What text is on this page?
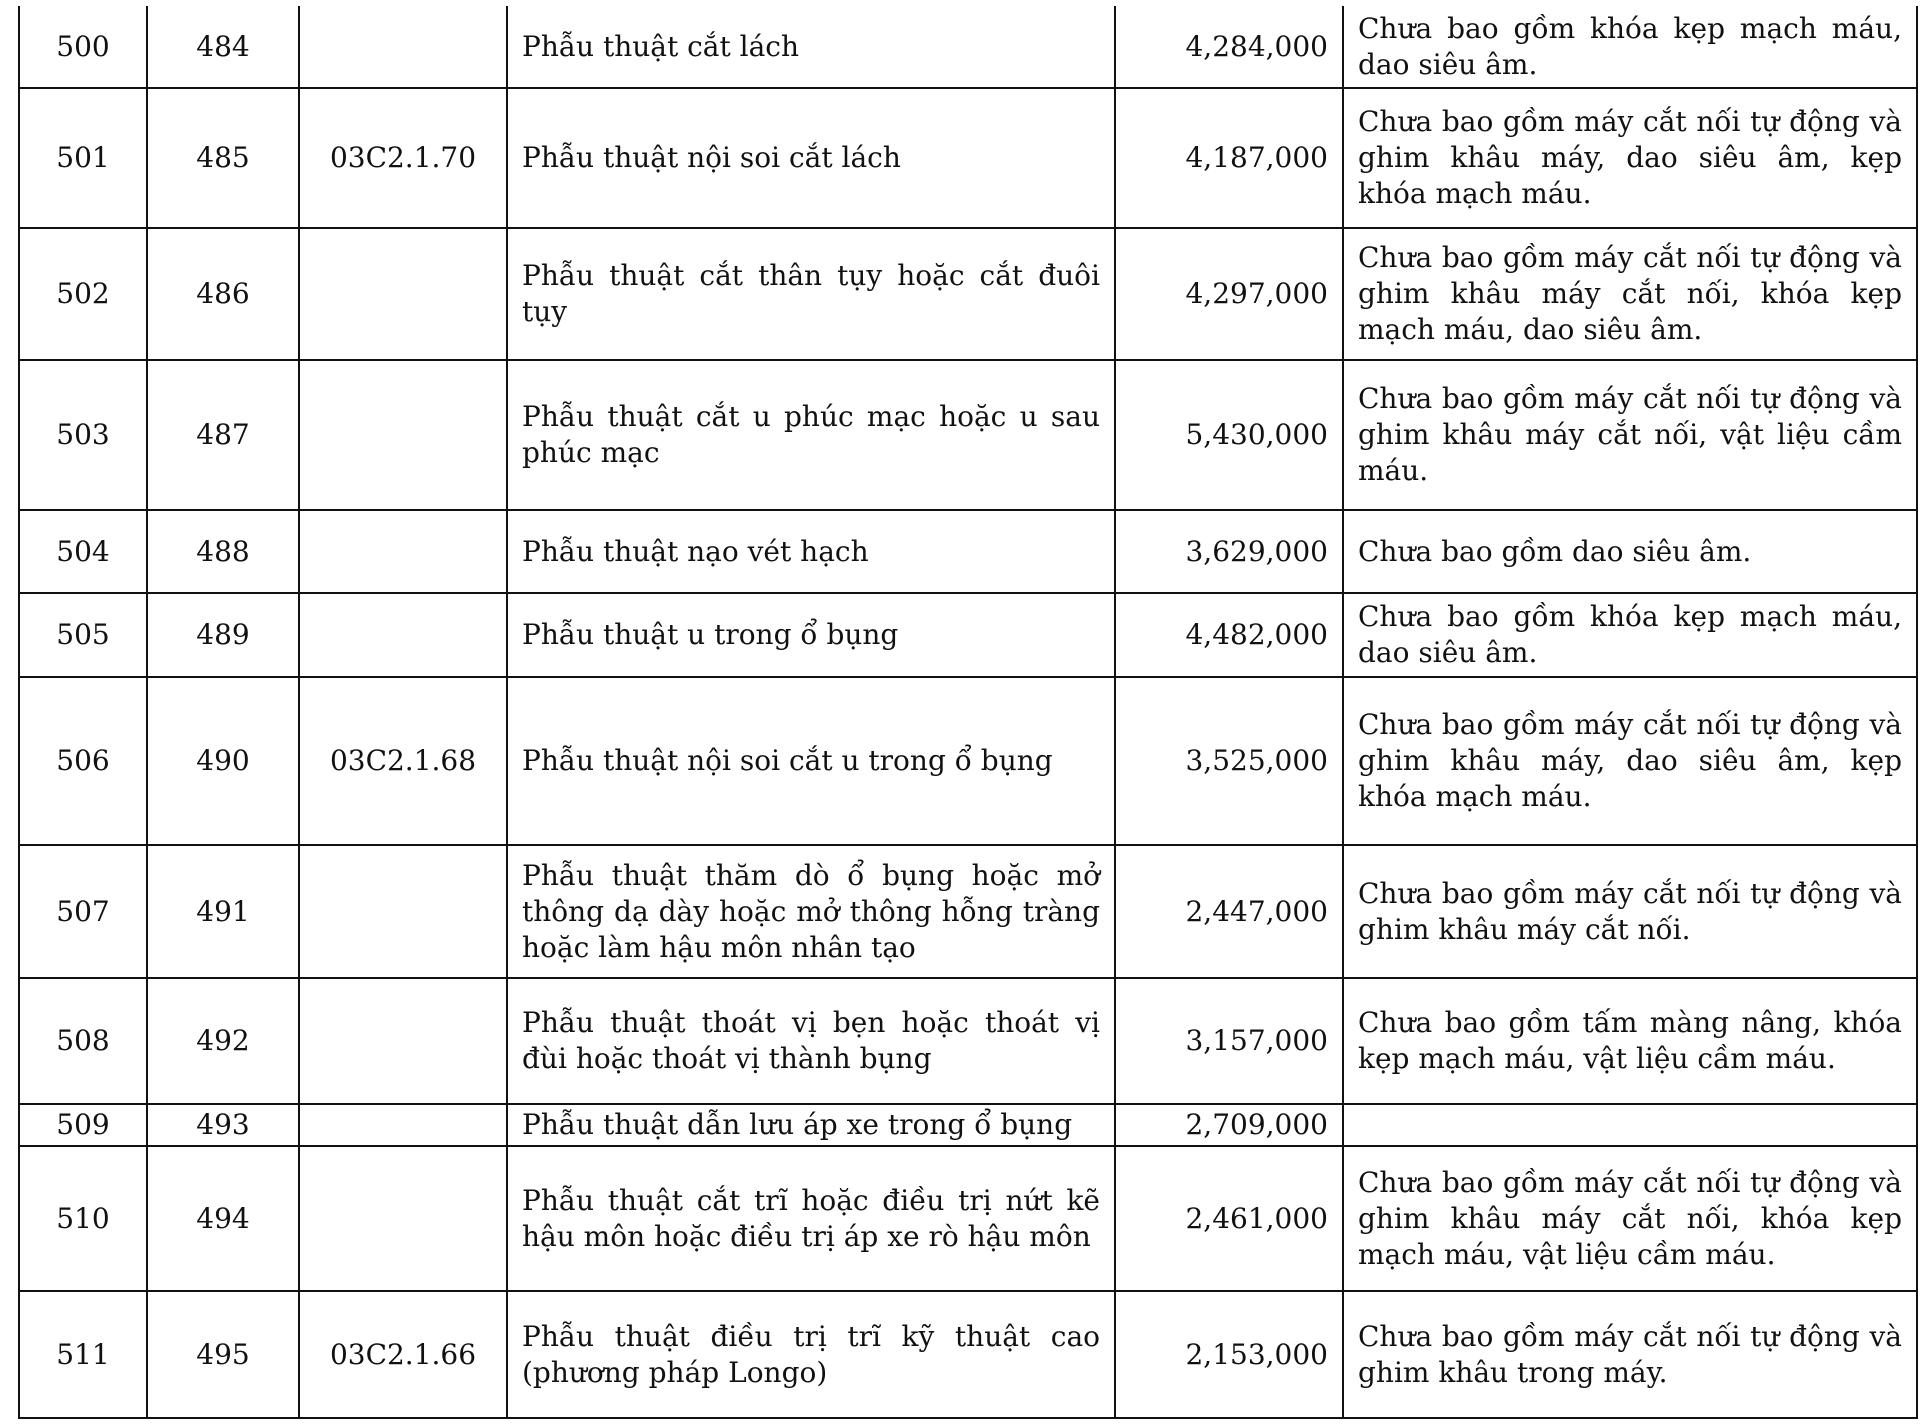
500	484		Phẫu thuật cắt lách	4,284,000	Chưa bao gồm khóa kẹp mạch máu, dao siêu âm.
501	485	03C2.1.70	Phẫu thuật nội soi cắt lách	4,187,000	Chưa bao gồm máy cắt nối tự động và ghim khâu máy, dao siêu âm, kẹp khóa mạch máu.
502	486		Phẫu thuật cắt thân tụy hoặc cắt đuôi tụy	4,297,000	Chưa bao gồm máy cắt nối tự động và ghim khâu máy cắt nối, khóa kẹp mạch máu, dao siêu âm.
503	487		Phẫu thuật cắt u phúc mạc hoặc u sau phúc mạc	5,430,000	Chưa bao gồm máy cắt nối tự động và ghim khâu máy cắt nối, vật liệu cầm máu.
504	488		Phẫu thuật nạo vét hạch	3,629,000	Chưa bao gồm dao siêu âm.
505	489		Phẫu thuật u trong ổ bụng	4,482,000	Chưa bao gồm khóa kẹp mạch máu, dao siêu âm.
506	490	03C2.1.68	Phẫu thuật nội soi cắt u trong ổ bụng	3,525,000	Chưa bao gồm máy cắt nối tự động và ghim khâu máy, dao siêu âm, kẹp khóa mạch máu.
507	491		Phẫu thuật thăm dò ổ bụng hoặc mở thông dạ dày hoặc mở thông hỗng tràng hoặc làm hậu môn nhân tạo	2,447,000	Chưa bao gồm máy cắt nối tự động và ghim khâu máy cắt nối.
508	492		Phẫu thuật thoát vị bẹn hoặc thoát vị đùi hoặc thoát vị thành bụng	3,157,000	Chưa bao gồm tấm màng nâng, khóa kẹp mạch máu, vật liệu cầm máu.
509	493		Phẫu thuật dẫn lưu áp xe trong ổ bụng	2,709,000	
510	494		Phẫu thuật cắt trĩ hoặc điều trị nứt kẽ hậu môn hoặc điều trị áp xe rò hậu môn	2,461,000	Chưa bao gồm máy cắt nối tự động và ghim khâu máy cắt nối, khóa kẹp mạch máu, vật liệu cầm máu.
511	495	03C2.1.66	Phẫu thuật điều trị trĩ kỹ thuật cao (phương pháp Longo)	2,153,000	Chưa bao gồm máy cắt nối tự động và ghim khâu trong máy.
